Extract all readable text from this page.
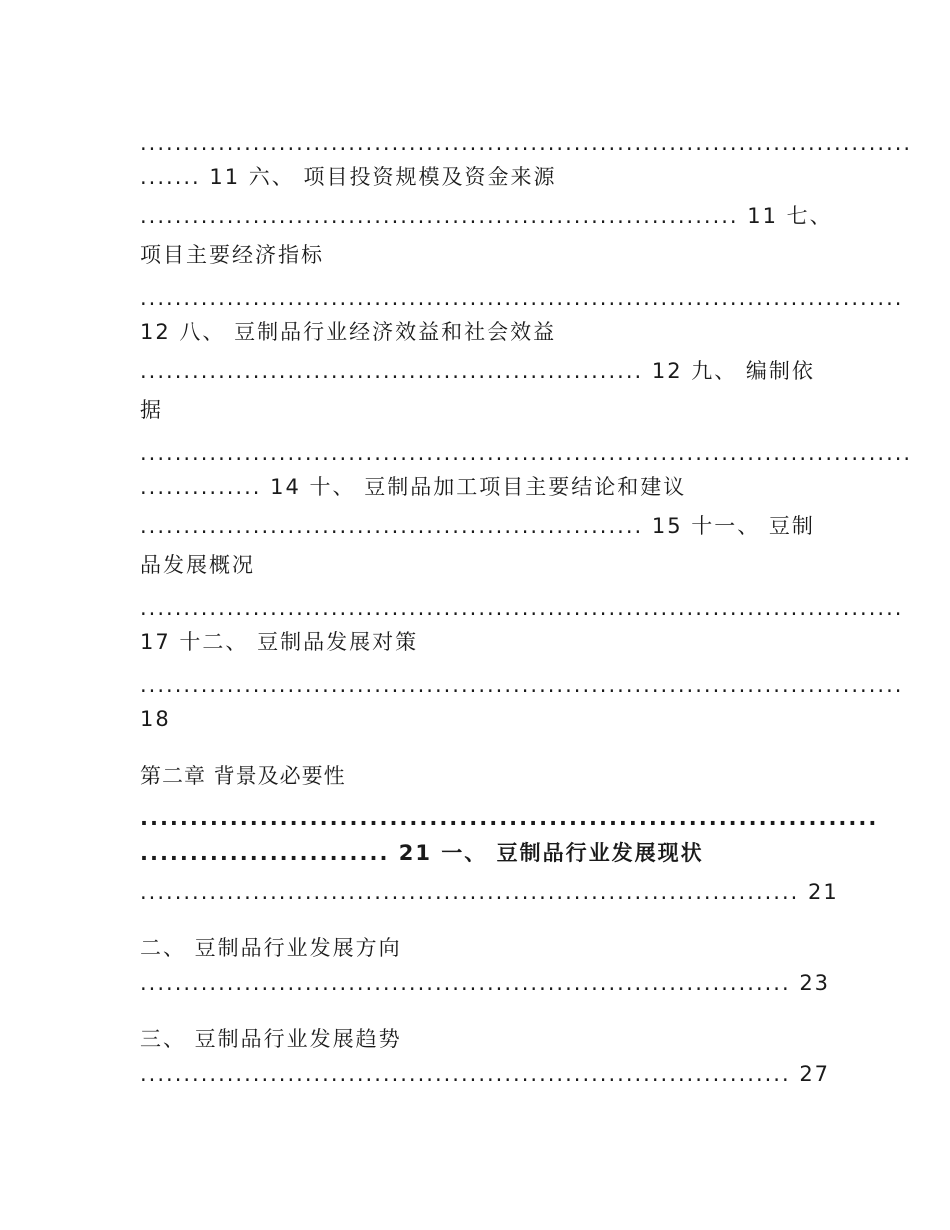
.........................................................................................
....... 11 六、 项目投资规模及资金来源
..................................................................... 11 七、
项目主要经济指标
........................................................................................
12 八、 豆制品行业经济效益和社会效益
.......................................................... 12 九、 编制依
据
.........................................................................................
.............. 14 十、 豆制品加工项目主要结论和建议
.......................................................... 15 十一、 豆制
品发展概况
........................................................................................
17 十二、 豆制品发展对策
........................................................................................
18
第二章 背景及必要性
..........................................................................
......................... 21 一、 豆制品行业发展现状
............................................................................ 21
二、 豆制品行业发展方向
........................................................................... 23
三、 豆制品行业发展趋势
........................................................................... 27
